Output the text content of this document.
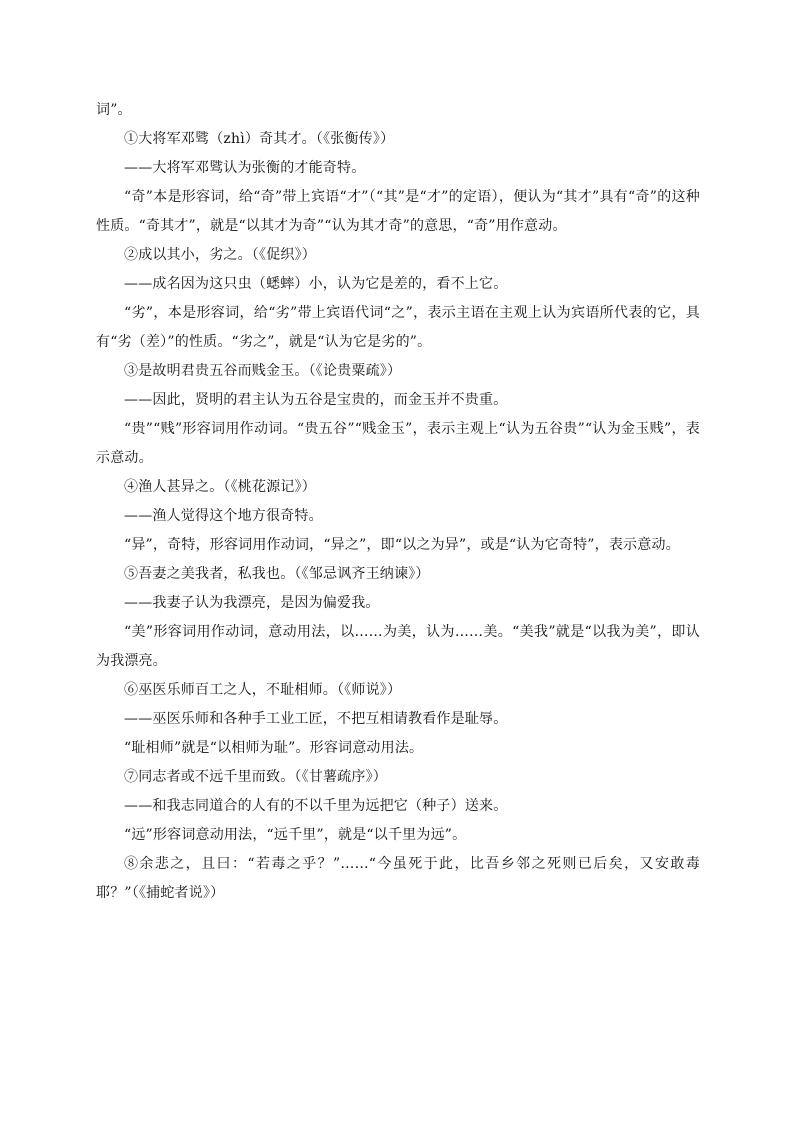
词”。
①大将军邓骘（zhì）奇其才。（《张衡传》）
——大将军邓骘认为张衡的才能奇特。
“奇”本是形容词，给“奇”带上宾语“才”（“其”是“才”的定语），便认为“其才”具有“奇”的这种性质。“奇其才”，就是“以其才为奇”“认为其才奇”的意思，“奇”用作意动。
②成以其小，劣之。（《促织》）
——成名因为这只虫（蟋蟀）小，认为它是差的，看不上它。
“劣”，本是形容词，给“劣”带上宾语代词“之”，表示主语在主观上认为宾语所代表的它，具有“劣（差）”的性质。“劣之”，就是“认为它是劣的”。
③是故明君贵五谷而贱金玉。（《论贵粟疏》）
——因此，贤明的君主认为五谷是宝贵的，而金玉并不贵重。
“贵”“贱”形容词用作动词。“贵五谷”“贱金玉”，表示主观上“认为五谷贵”“认为金玉贱”，表示意动。
④渔人甚异之。（《桃花源记》）
——渔人觉得这个地方很奇特。
“异”，奇特，形容词用作动词，“异之”，即“以之为异”，或是“认为它奇特”，表示意动。
⑤吾妻之美我者，私我也。（《邹忌讽齐王纳谏》）
——我妻子认为我漂亮，是因为偏爱我。
“美”形容词用作动词，意动用法，以……为美，认为……美。“美我”就是“以我为美”，即认为我漂亮。
⑥巫医乐师百工之人，不耻相师。（《师说》）
——巫医乐师和各种手工业工匠，不把互相请教看作是耻辱。
“耻相师”就是“以相师为耻”。形容词意动用法。
⑦同志者或不远千里而致。（《甘薯疏序》）
——和我志同道合的人有的不以千里为远把它（种子）送来。
“远”形容词意动用法，“远千里”，就是“以千里为远”。
⑧余悲之，且曰：“若毒之乎？”……“今虽死于此，比吾乡邻之死则已后矣，又安敢毒耶？”（《捕蛇者说》）
